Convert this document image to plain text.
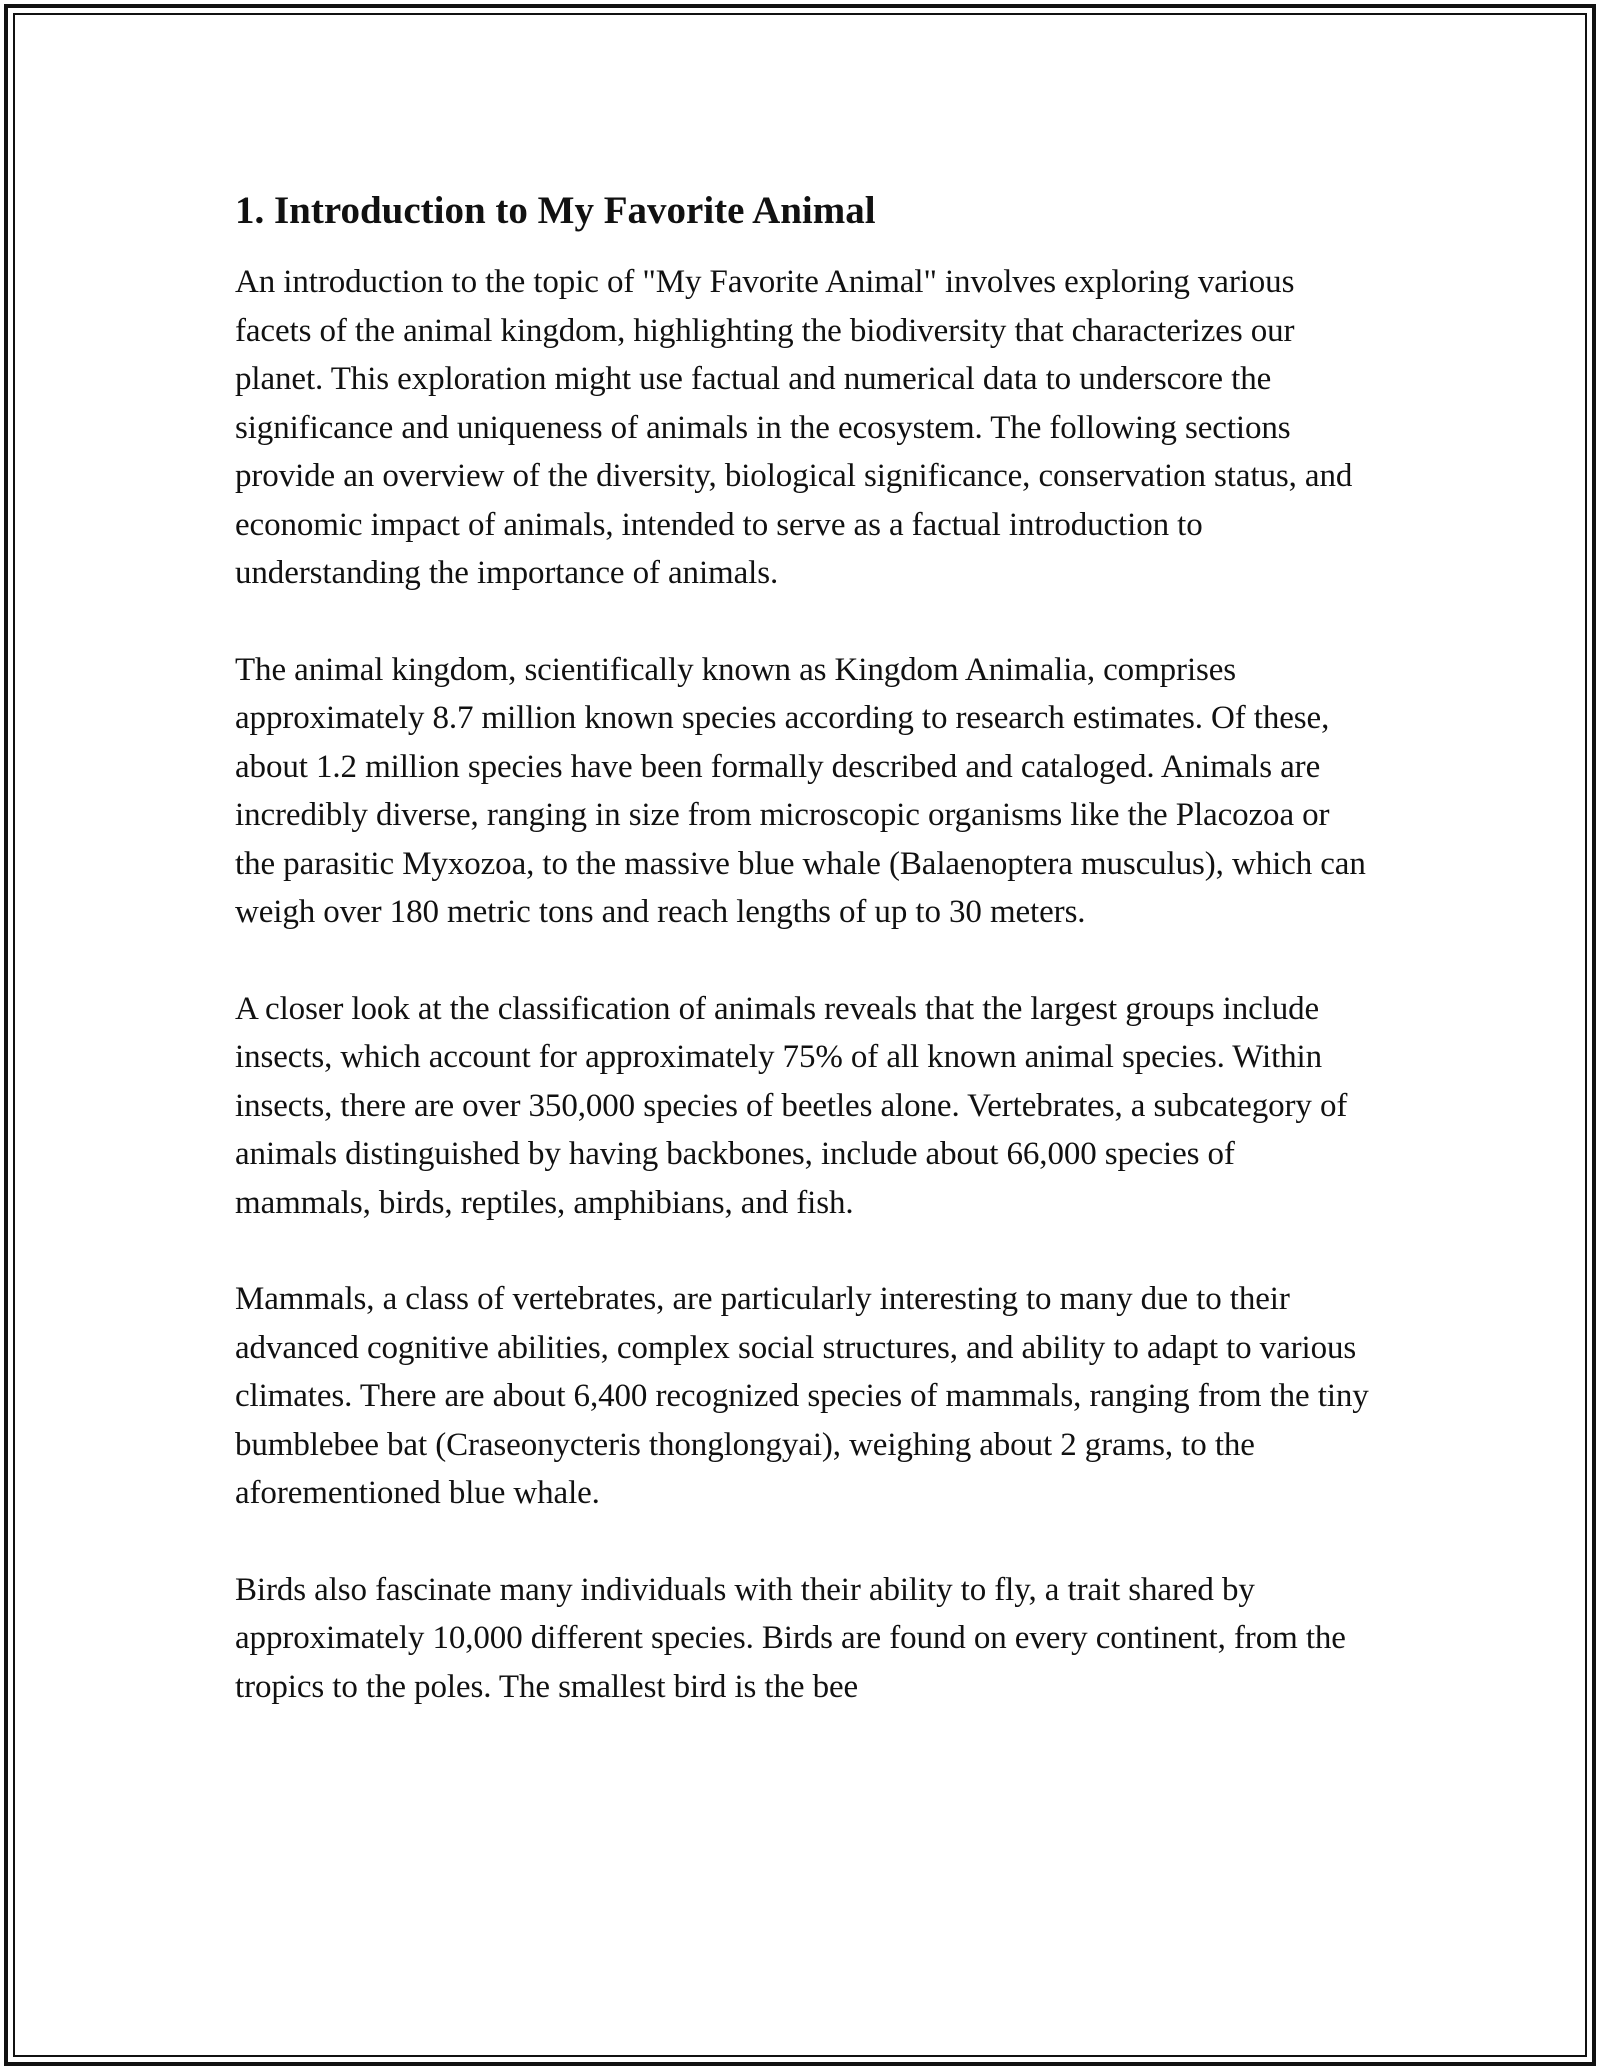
1. Introduction to My Favorite Animal

An introduction to the topic of "My Favorite Animal" involves exploring various facets of the animal kingdom, highlighting the biodiversity that characterizes our planet. This exploration might use factual and numerical data to underscore the significance and uniqueness of animals in the ecosystem. The following sections provide an overview of the diversity, biological significance, conservation status, and economic impact of animals, intended to serve as a factual introduction to understanding the importance of animals.

The animal kingdom, scientifically known as Kingdom Animalia, comprises approximately 8.7 million known species according to research estimates. Of these, about 1.2 million species have been formally described and cataloged. Animals are incredibly diverse, ranging in size from microscopic organisms like the Placozoa or the parasitic Myxozoa, to the massive blue whale (Balaenoptera musculus), which can weigh over 180 metric tons and reach lengths of up to 30 meters.

A closer look at the classification of animals reveals that the largest groups include insects, which account for approximately 75% of all known animal species. Within insects, there are over 350,000 species of beetles alone. Vertebrates, a subcategory of animals distinguished by having backbones, include about 66,000 species of mammals, birds, reptiles, amphibians, and fish.

Mammals, a class of vertebrates, are particularly interesting to many due to their advanced cognitive abilities, complex social structures, and ability to adapt to various climates. There are about 6,400 recognized species of mammals, ranging from the tiny bumblebee bat (Craseonycteris thonglongyai), weighing about 2 grams, to the aforementioned blue whale.

Birds also fascinate many individuals with their ability to fly, a trait shared by approximately 10,000 different species. Birds are found on every continent, from the tropics to the poles. The smallest bird is the bee
